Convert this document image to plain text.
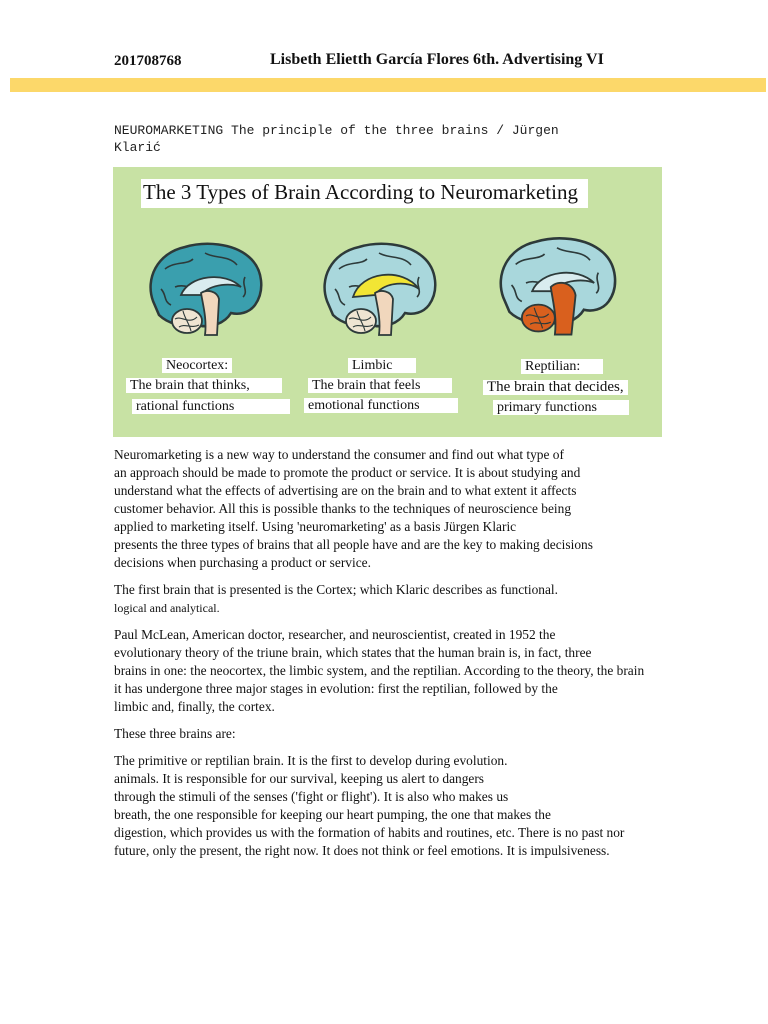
201708768	Lisbeth Elietth García Flores 6th. Advertising VI
NEUROMARKETING The principle of the three brains / Jürgen
Klarić
The 3 Types of Brain According to Neuromarketing
Neocortex:
The brain that thinks,
rational functions
Limbic
The brain that feels
emotional functions
Reptilian:
The brain that decides,
primary functions

Neuromarketing is a new way to understand the consumer and find out what type of
an approach should be made to promote the product or service. It is about studying and
understand what the effects of advertising are on the brain and to what extent it affects
customer behavior. All this is possible thanks to the techniques of neuroscience being
applied to marketing itself. Using 'neuromarketing' as a basis Jürgen Klaric
presents the three types of brains that all people have and are the key to making decisions
decisions when purchasing a product or service.

The first brain that is presented is the Cortex; which Klaric describes as functional.
logical and analytical.

Paul McLean, American doctor, researcher, and neuroscientist, created in 1952 the
evolutionary theory of the triune brain, which states that the human brain is, in fact, three
brains in one: the neocortex, the limbic system, and the reptilian. According to the theory, the brain
it has undergone three major stages in evolution: first the reptilian, followed by the
limbic and, finally, the cortex.

These three brains are:

The primitive or reptilian brain. It is the first to develop during evolution.
animals. It is responsible for our survival, keeping us alert to dangers
through the stimuli of the senses ('fight or flight'). It is also who makes us
breath, the one responsible for keeping our heart pumping, the one that makes the
digestion, which provides us with the formation of habits and routines, etc. There is no past nor
future, only the present, the right now. It does not think or feel emotions. It is impulsiveness.
